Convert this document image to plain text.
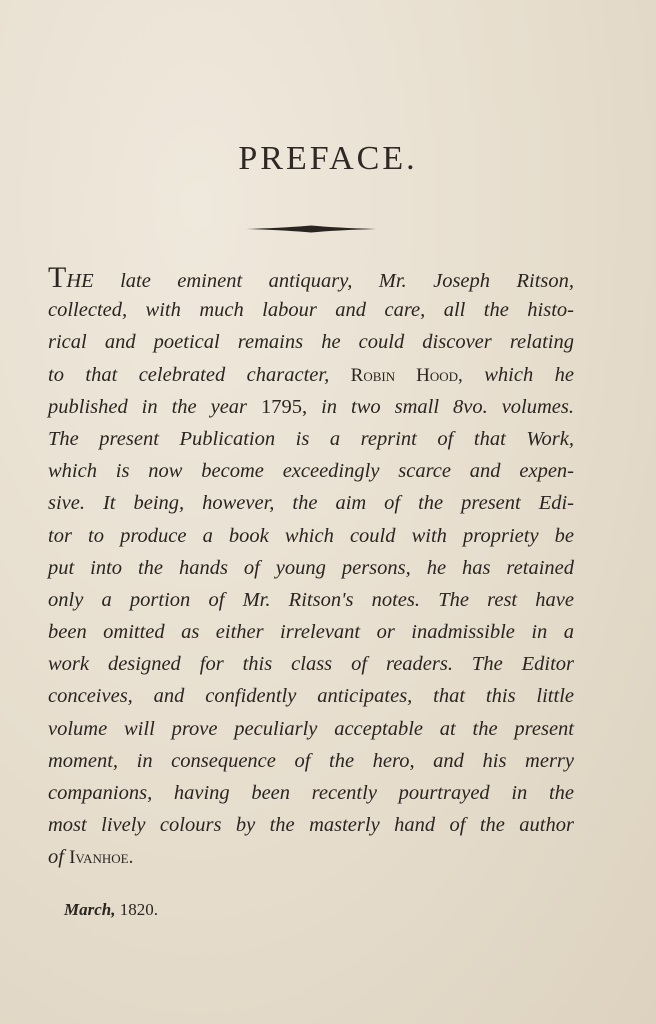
PREFACE.
THE late eminent antiquary, Mr. Joseph Ritson,
collected, with much labour and care, all the histo-
rical and poetical remains he could discover relating
to that celebrated character, Robin Hood, which he
published in the year 1795, in two small 8vo. volumes.
The present Publication is a reprint of that Work,
which is now become exceedingly scarce and expen-
sive. It being, however, the aim of the present Edi-
tor to produce a book which could with propriety be
put into the hands of young persons, he has retained
only a portion of Mr. Ritson's notes. The rest have
been omitted as either irrelevant or inadmissible in a
work designed for this class of readers. The Editor
conceives, and confidently anticipates, that this little
volume will prove peculiarly acceptable at the present
moment, in consequence of the hero, and his merry
companions, having been recently pourtrayed in the
most lively colours by the masterly hand of the author
of Ivanhoe.
March, 1820.
